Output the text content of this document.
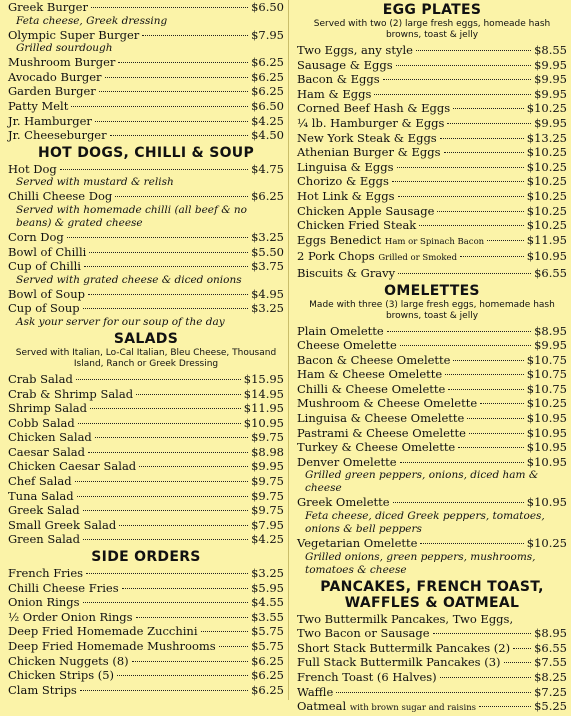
Greek Burger	$6.50
Feta cheese, Greek dressing
Olympic Super Burger	$7.95
Grilled sourdough
Mushroom Burger	$6.25
Avocado Burger	$6.25
Garden Burger	$6.25
Patty Melt	$6.50
Jr. Hamburger	$4.25
Jr. Cheeseburger	$4.50
HOT DOGS, CHILLI & SOUP
Hot Dog	$4.75
Served with mustard & relish
Chilli Cheese Dog	$6.25
Served with homemade chilli (all beef & no beans) & grated cheese
Corn Dog	$3.25
Bowl of Chilli	$5.50
Cup of Chilli	$3.75
Served with grated cheese & diced onions
Bowl of Soup	$4.95
Cup of Soup	$3.25
Ask your server for our soup of the day
SALADS
Served with Italian, Lo-Cal Italian, Bleu Cheese, Thousand Island, Ranch or Greek Dressing
Crab Salad	$15.95
Crab & Shrimp Salad	$14.95
Shrimp Salad	$11.95
Cobb Salad	$10.95
Chicken Salad	$9.75
Caesar Salad	$8.98
Chicken Caesar Salad	$9.95
Chef Salad	$9.75
Tuna Salad	$9.75
Greek Salad	$9.75
Small Greek Salad	$7.95
Green Salad	$4.25
SIDE ORDERS
French Fries	$3.25
Chilli Cheese Fries	$5.95
Onion Rings	$4.55
½ Order Onion Rings	$3.55
Deep Fried Homemade Zucchini	$5.75
Deep Fried Homemade Mushrooms	$5.75
Chicken Nuggets (8)	$6.25
Chicken Strips (5)	$6.25
Clam Strips	$6.25
EGG PLATES
Served with two (2) large fresh eggs, homeade hash browns, toast & jelly
Two Eggs, any style	$8.55
Sausage & Eggs	$9.95
Bacon & Eggs	$9.95
Ham & Eggs	$9.95
Corned Beef Hash & Eggs	$10.25
¼ lb. Hamburger & Eggs	$9.95
New York Steak & Eggs	$13.25
Athenian Burger & Eggs	$10.25
Linguisa & Eggs	$10.25
Chorizo & Eggs	$10.25
Hot Link & Eggs	$10.25
Chicken Apple Sausage	$10.25
Chicken Fried Steak	$10.25
Eggs Benedict Ham or Spinach Bacon	$11.95
2 Pork Chops Grilled or Smoked	$10.95
Biscuits & Gravy	$6.55
OMELETTES
Made with three (3) large fresh eggs, homemade hash browns, toast & jelly
Plain Omelette	$8.95
Cheese Omelette	$9.95
Bacon & Cheese Omelette	$10.75
Ham & Cheese Omelette	$10.75
Chilli & Cheese Omelette	$10.75
Mushroom & Cheese Omelette	$10.25
Linguisa & Cheese Omelette	$10.95
Pastrami & Cheese Omelette	$10.95
Turkey & Cheese Omelette	$10.95
Denver Omelette	$10.95
Grilled green peppers, onions, diced ham & cheese
Greek Omelette	$10.95
Feta cheese, diced Greek peppers, tomatoes, onions & bell peppers
Vegetarian Omelette	$10.25
Grilled onions, green peppers, mushrooms, tomatoes & cheese
PANCAKES, FRENCH TOAST,
WAFFLES & OATMEAL
Two Buttermilk Pancakes, Two Eggs,
Two Bacon or Sausage	$8.95
Short Stack Buttermilk Pancakes (2) $6.55
Full Stack Buttermilk Pancakes (3)	$7.55
French Toast (6 Halves)	$8.25
Waffle	$7.25
Oatmeal with brown sugar and raisins	$5.25
